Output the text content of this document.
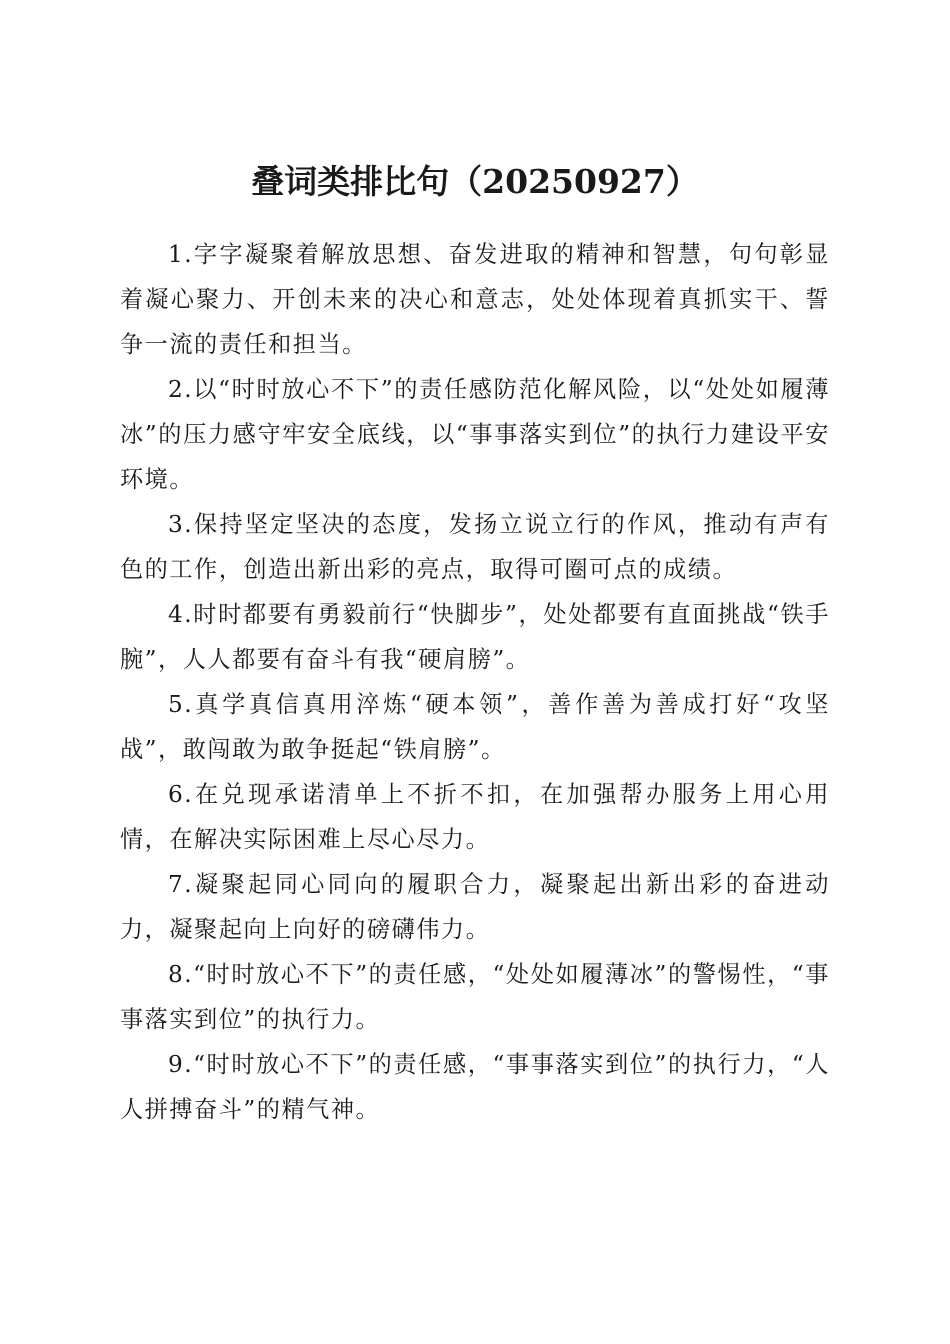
叠词类排比句（20250927）

1.字字凝聚着解放思想、奋发进取的精神和智慧，句句彰显着凝心聚力、开创未来的决心和意志，处处体现着真抓实干、誓争一流的责任和担当。

2.以“时时放心不下”的责任感防范化解风险，以“处处如履薄冰”的压力感守牢安全底线，以“事事落实到位”的执行力建设平安环境。

3.保持坚定坚决的态度，发扬立说立行的作风，推动有声有色的工作，创造出新出彩的亮点，取得可圈可点的成绩。

4.时时都要有勇毅前行“快脚步”，处处都要有直面挑战“铁手腕”，人人都要有奋斗有我“硬肩膀”。

5.真学真信真用淬炼“硬本领”，善作善为善成打好“攻坚战”，敢闯敢为敢争挺起“铁肩膀”。

6.在兑现承诺清单上不折不扣，在加强帮办服务上用心用情，在解决实际困难上尽心尽力。

7.凝聚起同心同向的履职合力，凝聚起出新出彩的奋进动力，凝聚起向上向好的磅礴伟力。

8.“时时放心不下”的责任感，“处处如履薄冰”的警惕性，“事事落实到位”的执行力。

9.“时时放心不下”的责任感，“事事落实到位”的执行力，“人人拼搏奋斗”的精气神。
